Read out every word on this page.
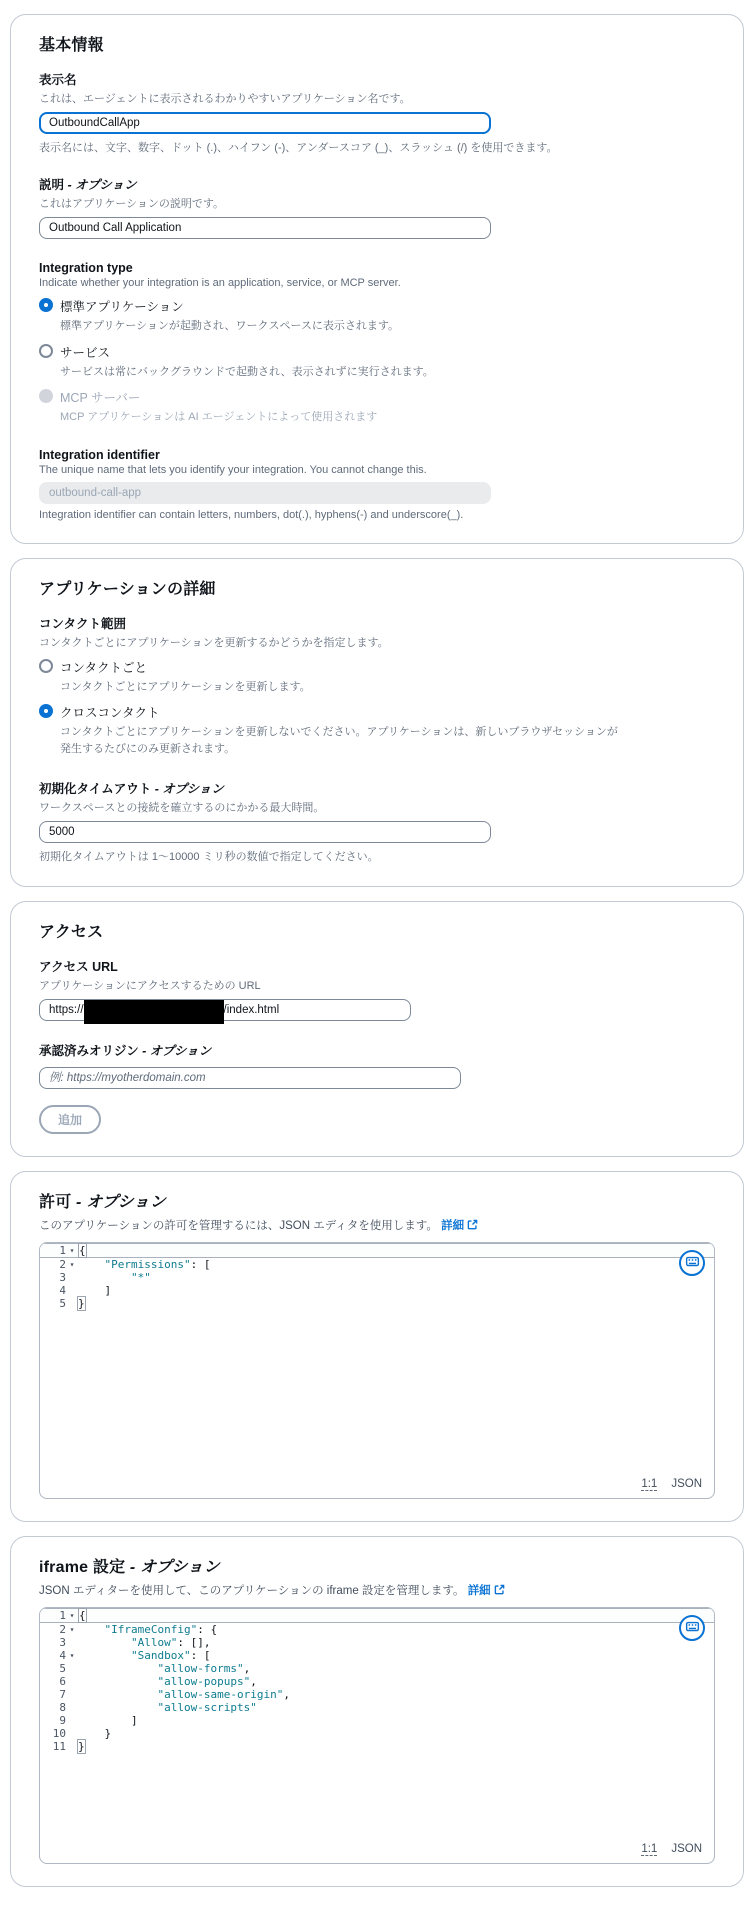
基本情報
表示名
これは、エージェントに表示されるわかりやすいアプリケーション名です。
OutboundCallApp
表示名には、文字、数字、ドット (.)、ハイフン (-)、アンダースコア (_)、スラッシュ (/) を使用できます。
説明 - オプション
これはアプリケーションの説明です。
Outbound Call Application
Integration type
Indicate whether your integration is an application, service, or MCP server.
標準アプリケーション
標準アプリケーションが起動され、ワークスペースに表示されます。
サービス
サービスは常にバックグラウンドで起動され、表示されずに実行されます。
MCP サーバー
MCP アプリケーションは AI エージェントによって使用されます
Integration identifier
The unique name that lets you identify your integration. You cannot change this.
outbound-call-app
Integration identifier can contain letters, numbers, dot(.), hyphens(-) and underscore(_).
アプリケーションの詳細
コンタクト範囲
コンタクトごとにアプリケーションを更新するかどうかを指定します。
コンタクトごと
コンタクトごとにアプリケーションを更新します。
クロスコンタクト
コンタクトごとにアプリケーションを更新しないでください。アプリケーションは、新しいブラウザセッションが発生するたびにのみ更新されます。
初期化タイムアウト - オプション
ワークスペースとの接続を確立するのにかかる最大時間。
5000
初期化タイムアウトは 1〜10000 ミリ秒の数値で指定してください。
アクセス
アクセス URL
アプリケーションにアクセスするための URL
https://	/index.html
承認済みオリジン - オプション
例: https://myotherdomain.com
追加
許可 - オプション
このアプリケーションの許可を管理するには、JSON エディタを使用します。 詳細
1 ▾ {
2 ▾	"Permissions": [
3	"*"
4 ]
5 }
1:1 JSON
iframe 設定 - オプション
JSON エディターを使用して、このアプリケーションの iframe 設定を管理します。 詳細
1 ▾ {
2 ▾	"IframeConfig": {
3	"Allow": [],
4 ▾	"Sandbox": [
5	"allow-forms",
6	"allow-popups",
7	"allow-same-origin",
8	"allow-scripts"
9 ]
10 }
11 }
1:1 JSON
